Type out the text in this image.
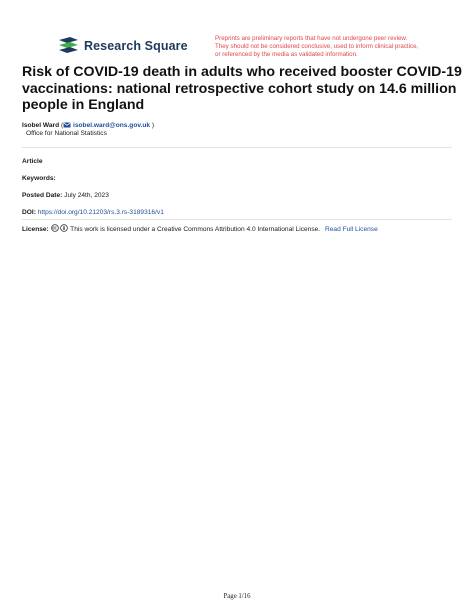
Research Square
Preprints are preliminary reports that have not undergone peer review.
They should not be considered conclusive, used to inform clinical practice,
or referenced by the media as validated information.
Risk of COVID-19 death in adults who received booster COVID-19 vaccinations: national retrospective cohort study on 14.6 million people in England
Isobel Ward ( isobel.ward@ons.gov.uk )
Office for National Statistics
Article
Keywords:
Posted Date: July 24th, 2023
DOI: https://doi.org/10.21203/rs.3.rs-3189316/v1
License:	This work is licensed under a Creative Commons Attribution 4.0 International License. Read Full License
Page 1/16
